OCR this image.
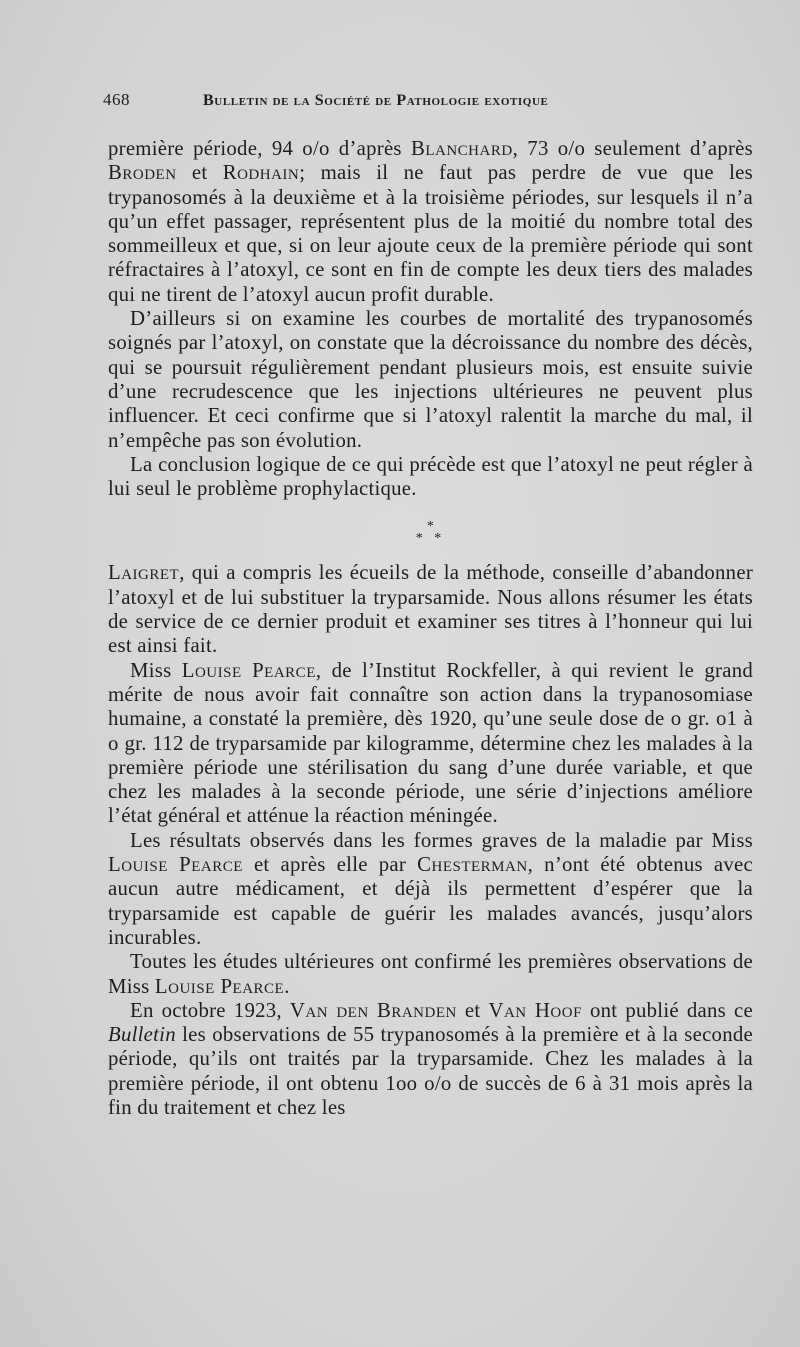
468	Bulletin de la Société de Pathologie exotique

première période, 94 o/o d’après Blanchard, 73 o/o seulement d’après Broden et Rodhain; mais il ne faut pas perdre de vue que les trypanosomés à la deuxième et à la troisième périodes, sur lesquels il n’a qu’un effet passager, représentent plus de la moitié du nombre total des sommeilleux et que, si on leur ajoute ceux de la première période qui sont réfractaires à l’atoxyl, ce sont en fin de compte les deux tiers des malades qui ne tirent de l’atoxyl aucun profit durable.

D’ailleurs si on examine les courbes de mortalité des trypanosomés soignés par l’atoxyl, on constate que la décroissance du nombre des décès, qui se poursuit régulièrement pendant plusieurs mois, est ensuite suivie d’une recrudescence que les injections ultérieures ne peuvent plus influencer. Et ceci confirme que si l’atoxyl ralentit la marche du mal, il n’empêche pas son évolution.

La conclusion logique de ce qui précède est que l’atoxyl ne peut régler à lui seul le problème prophylactique.

*
* *

Laigret, qui a compris les écueils de la méthode, conseille d’abandonner l’atoxyl et de lui substituer la tryparsamide. Nous allons résumer les états de service de ce dernier produit et examiner ses titres à l’honneur qui lui est ainsi fait.

Miss Louise Pearce, de l’Institut Rockfeller, à qui revient le grand mérite de nous avoir fait connaître son action dans la trypanosomiase humaine, a constaté la première, dès 1920, qu’une seule dose de o gr. o1 à o gr. 112 de tryparsamide par kilogramme, détermine chez les malades à la première période une stérilisation du sang d’une durée variable, et que chez les malades à la seconde période, une série d’injections améliore l’état général et atténue la réaction méningée.

Les résultats observés dans les formes graves de la maladie par Miss Louise Pearce et après elle par Chesterman, n’ont été obtenus avec aucun autre médicament, et déjà ils permettent d’espérer que la tryparsamide est capable de guérir les malades avancés, jusqu’alors incurables.

Toutes les études ultérieures ont confirmé les premières observations de Miss Louise Pearce.

En octobre 1923, Van den Branden et Van Hoof ont publié dans ce Bulletin les observations de 55 trypanosomés à la première et à la seconde période, qu’ils ont traités par la tryparsamide. Chez les malades à la première période, il ont obtenu 1oo o/o de succès de 6 à 31 mois après la fin du traitement et chez les
